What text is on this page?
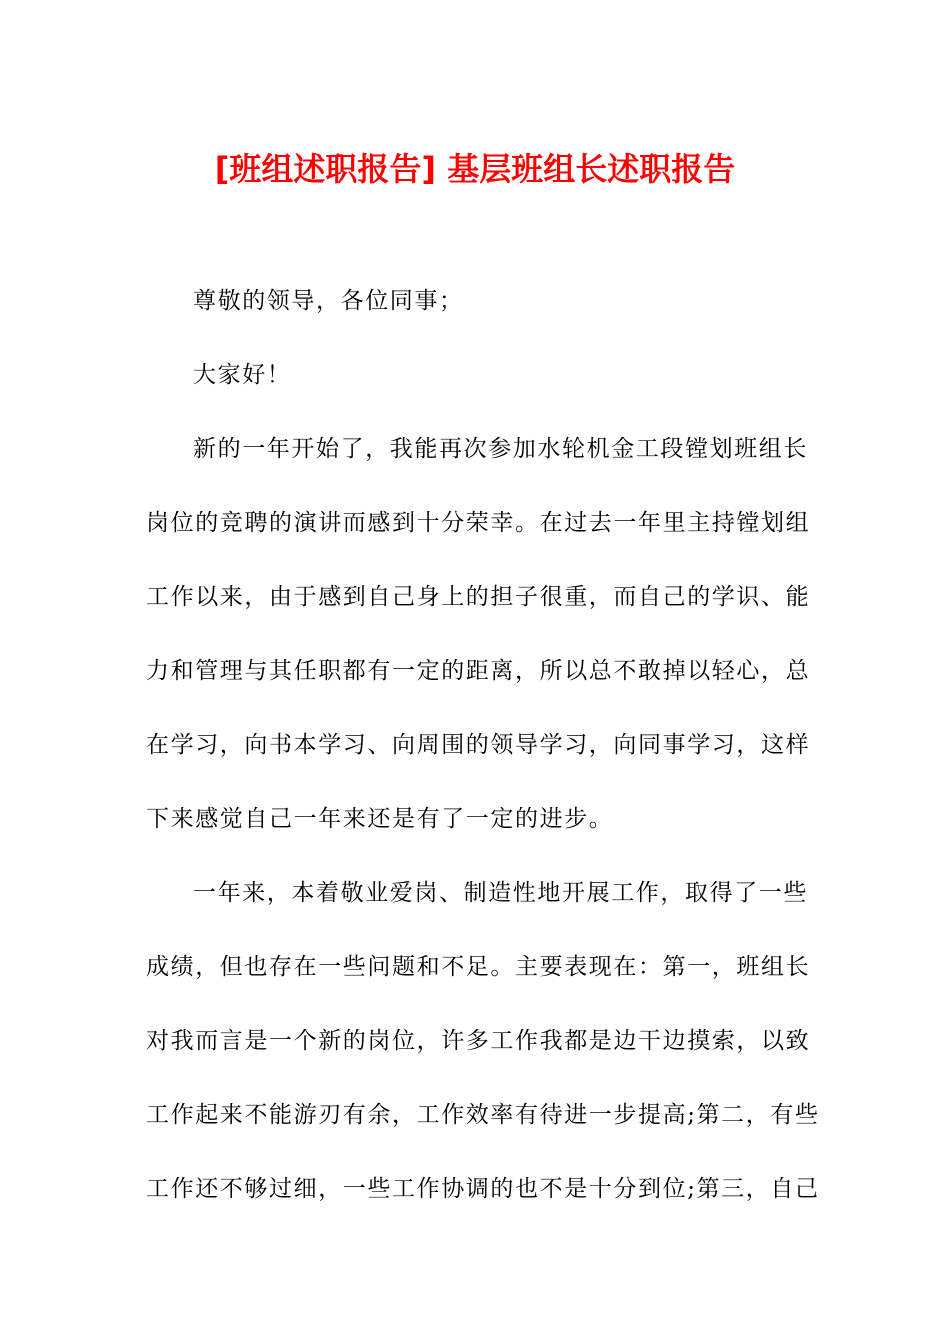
[班组述职报告] 基层班组长述职报告
尊敬的领导，各位同事；
大家好！
新的一年开始了，我能再次参加水轮机金工段镗划班组长
岗位的竞聘的演讲而感到十分荣幸。在过去一年里主持镗划组
工作以来，由于感到自己身上的担子很重，而自己的学识、能
力和管理与其任职都有一定的距离，所以总不敢掉以轻心，总
在学习，向书本学习、向周围的领导学习，向同事学习，这样
下来感觉自己一年来还是有了一定的进步。
一年来，本着敬业爱岗、制造性地开展工作，取得了一些
成绩，但也存在一些问题和不足。主要表现在：第一，班组长
对我而言是一个新的岗位，许多工作我都是边干边摸索，以致
工作起来不能游刃有余，工作效率有待进一步提高;第二，有些
工作还不够过细，一些工作协调的也不是十分到位;第三，自己
